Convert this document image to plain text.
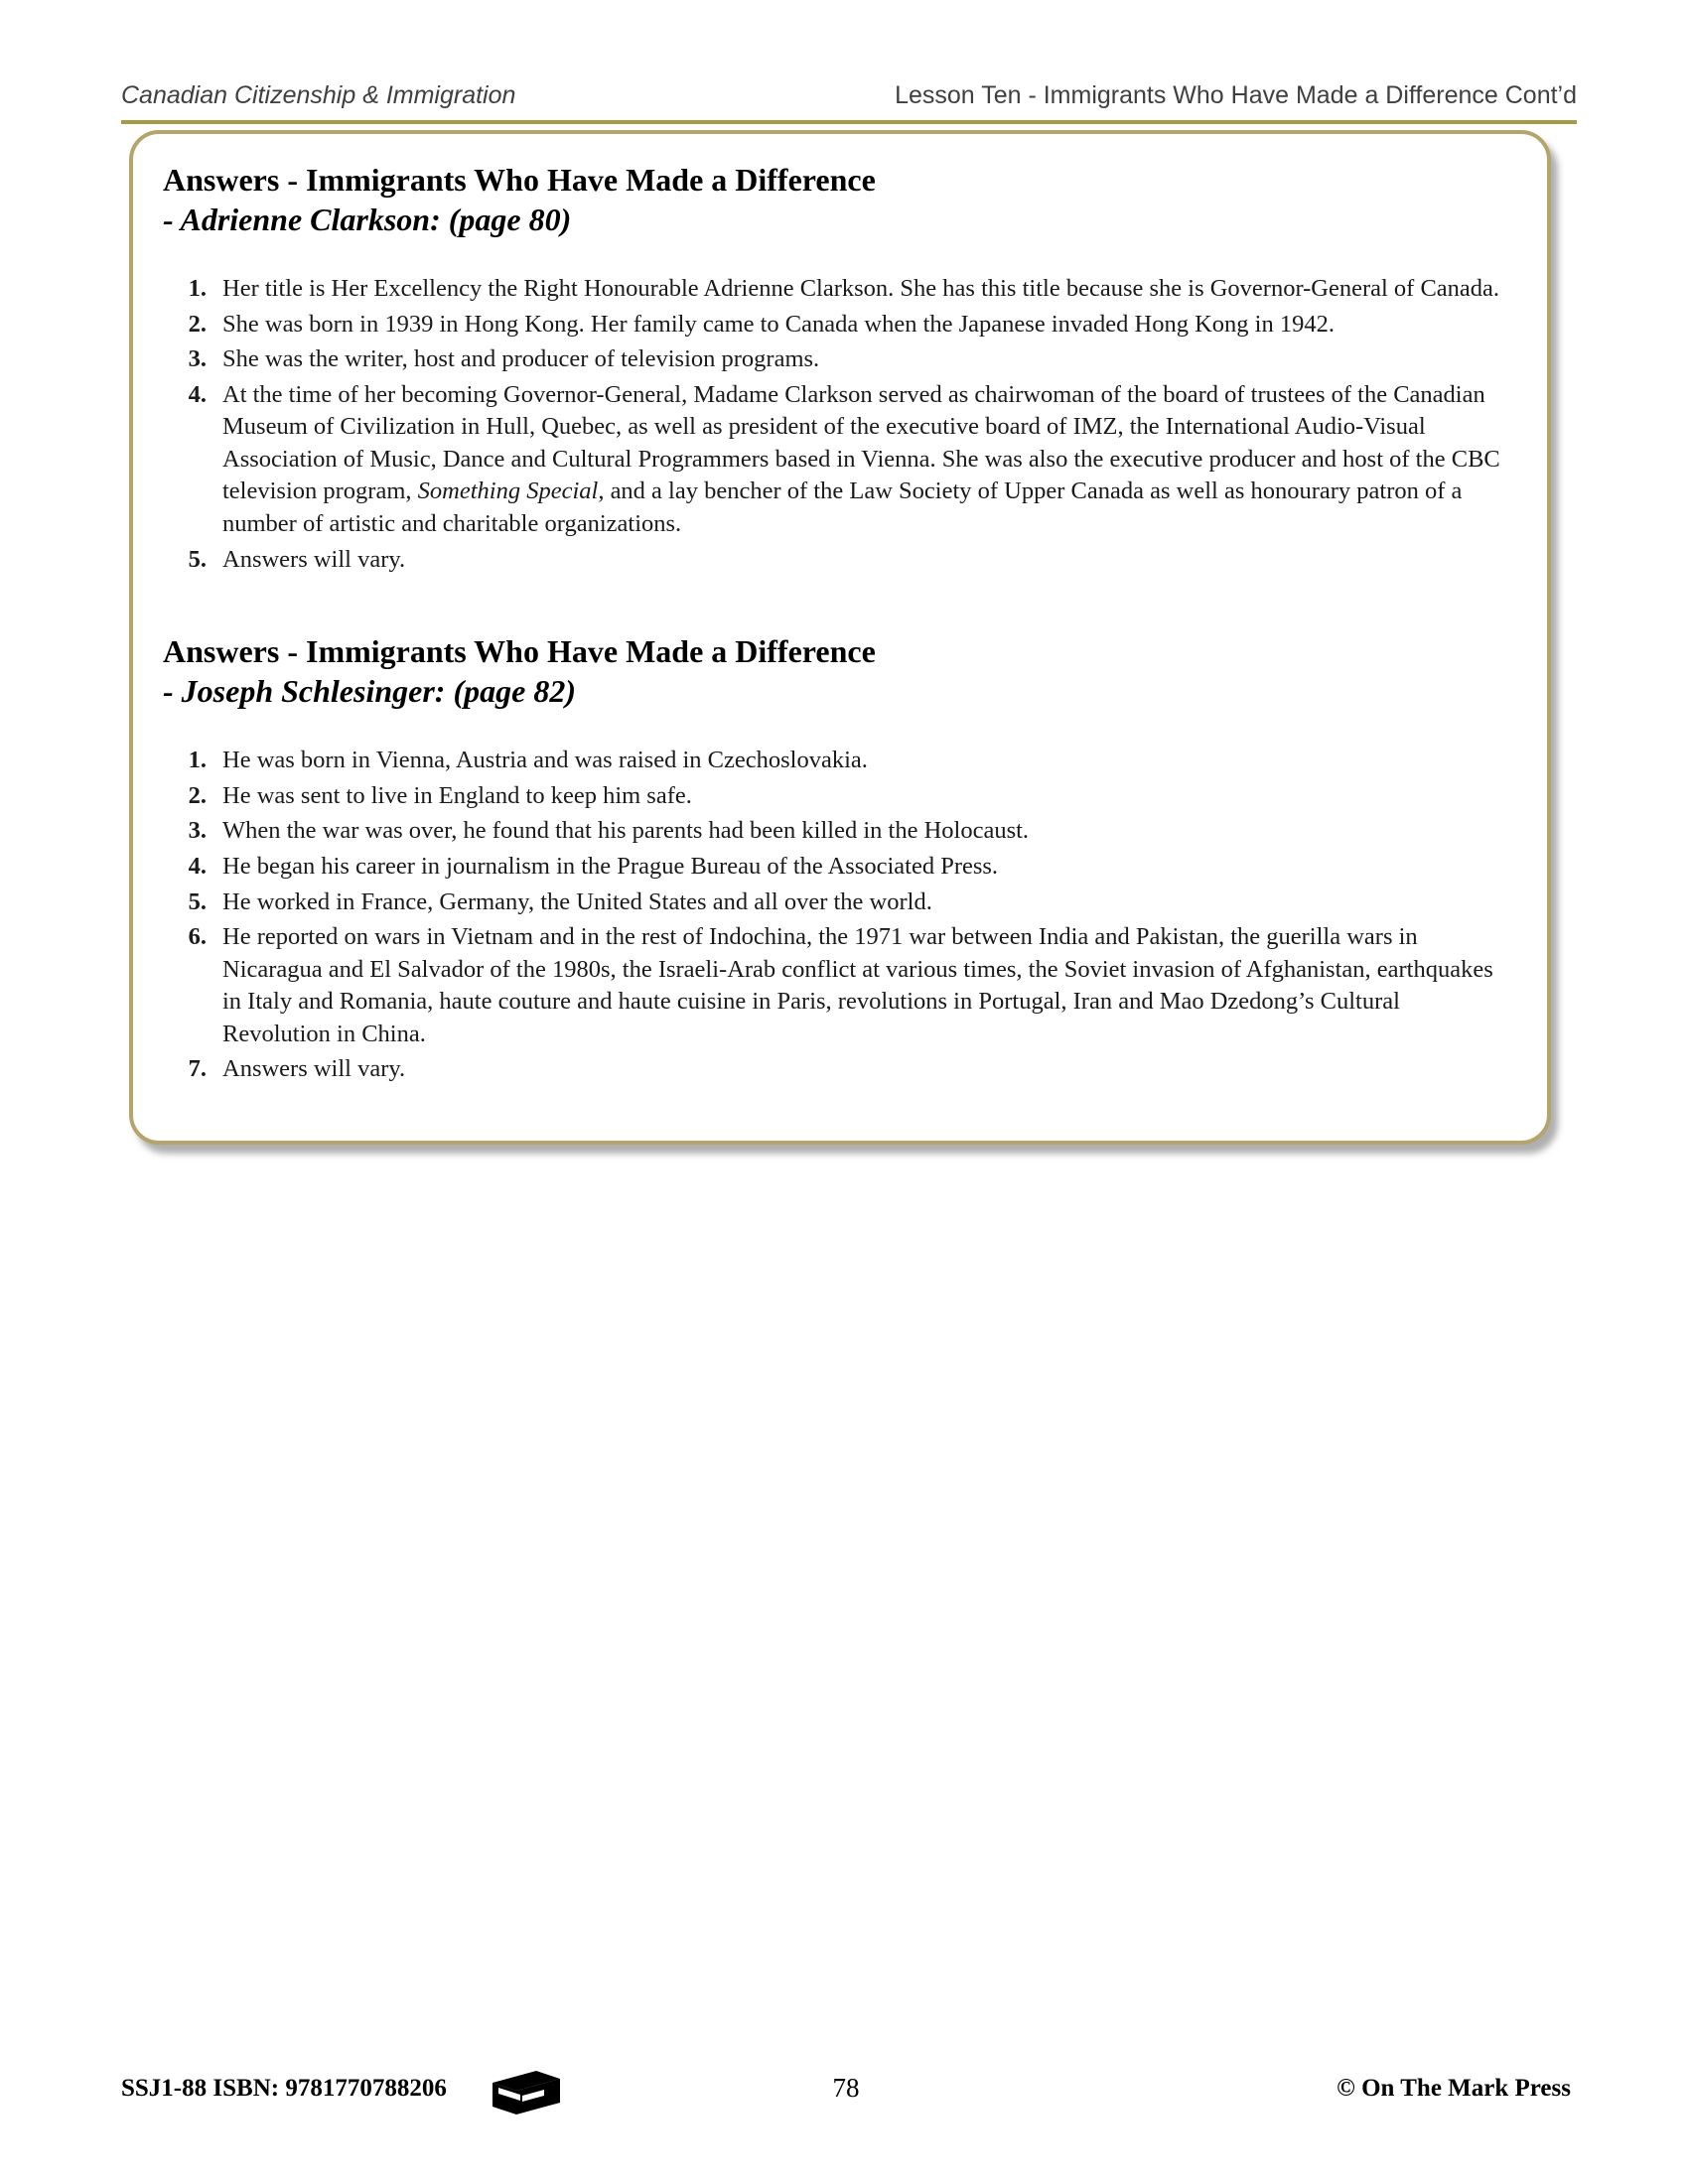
Canadian Citizenship & Immigration	Lesson Ten - Immigrants Who Have Made a Difference Cont’d
Answers - Immigrants Who Have Made a Difference
- Adrienne Clarkson: (page 80)
1. Her title is Her Excellency the Right Honourable Adrienne Clarkson. She has this title because she is Governor-General of Canada.
2. She was born in 1939 in Hong Kong. Her family came to Canada when the Japanese invaded Hong Kong in 1942.
3. She was the writer, host and producer of television programs.
4. At the time of her becoming Governor-General, Madame Clarkson served as chairwoman of the board of trustees of the Canadian Museum of Civilization in Hull, Quebec, as well as president of the executive board of IMZ, the International Audio-Visual Association of Music, Dance and Cultural Programmers based in Vienna. She was also the executive producer and host of the CBC television program, Something Special, and a lay bencher of the Law Society of Upper Canada as well as honourary patron of a number of artistic and charitable organizations.
5. Answers will vary.
Answers - Immigrants Who Have Made a Difference
- Joseph Schlesinger: (page 82)
1. He was born in Vienna, Austria and was raised in Czechoslovakia.
2. He was sent to live in England to keep him safe.
3. When the war was over, he found that his parents had been killed in the Holocaust.
4. He began his career in journalism in the Prague Bureau of the Associated Press.
5. He worked in France, Germany, the United States and all over the world.
6. He reported on wars in Vietnam and in the rest of Indochina, the 1971 war between India and Pakistan, the guerilla wars in Nicaragua and El Salvador of the 1980s, the Israeli-Arab conflict at various times, the Soviet invasion of Afghanistan, earthquakes in Italy and Romania, haute couture and haute cuisine in Paris, revolutions in Portugal, Iran and Mao Dzedong’s Cultural Revolution in China.
7. Answers will vary.
SSJ1-88 ISBN: 9781770788206	78	© On The Mark Press
